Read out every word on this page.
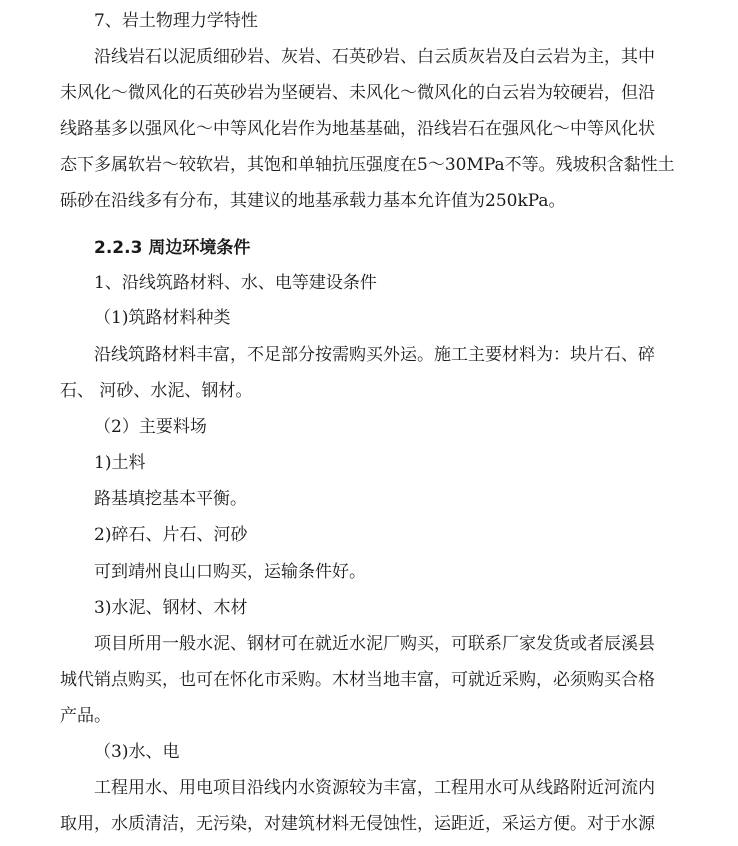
7、岩土物理力学特性
沿线岩石以泥质细砂岩、灰岩、石英砂岩、白云质灰岩及白云岩为主，其中
未风化～微风化的石英砂岩为坚硬岩、未风化～微风化的白云岩为较硬岩，但沿
线路基多以强风化～中等风化岩作为地基基础，沿线岩石在强风化～中等风化状
态下多属软岩～较软岩，其饱和单轴抗压强度在5～30MPa不等。残坡积含黏性土
砾砂在沿线多有分布，其建议的地基承载力基本允许值为250kPa。
2.2.3 周边环境条件
1、沿线筑路材料、水、电等建设条件
（1)筑路材料种类
沿线筑路材料丰富，不足部分按需购买外运。施工主要材料为：块片石、碎
石、 河砂、水泥、钢材。
（2）主要料场
1)土料
路基填挖基本平衡。
2)碎石、片石、河砂
可到靖州良山口购买，运输条件好。
3)水泥、钢材、木材
项目所用一般水泥、钢材可在就近水泥厂购买，可联系厂家发货或者辰溪县
城代销点购买，也可在怀化市采购。木材当地丰富，可就近采购，必须购买合格
产品。
（3)水、电
工程用水、用电项目沿线内水资源较为丰富，工程用水可从线路附近河流内
取用，水质清洁，无污染，对建筑材料无侵蚀性，运距近，采运方便。对于水源
